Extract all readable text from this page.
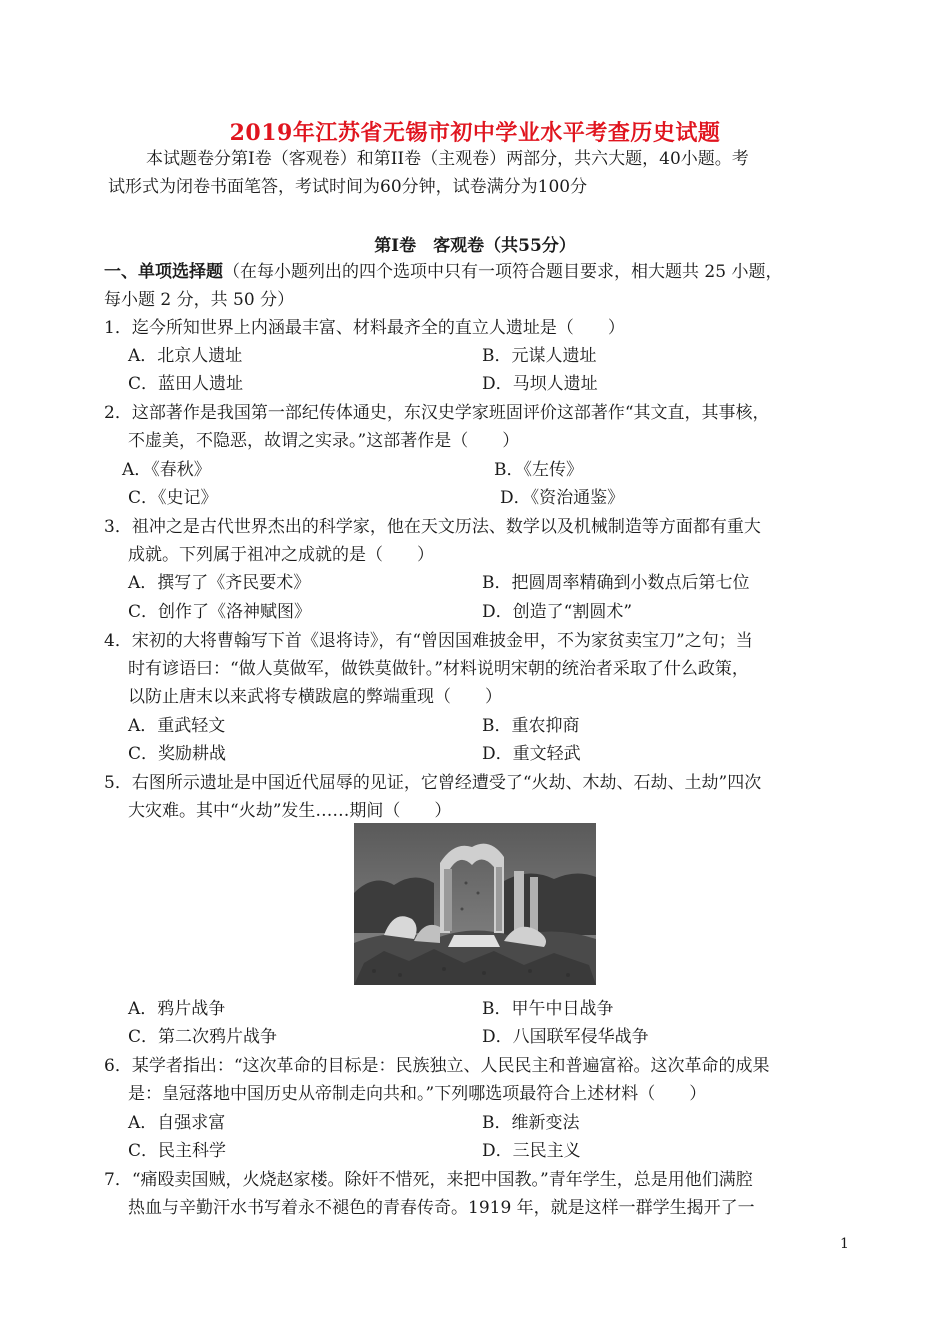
2019年江苏省无锡市初中学业水平考查历史试题
本试题卷分第I卷（客观卷）和第II卷（主观卷）两部分，共六大题，40小题。考
试形式为闭卷书面笔答，考试时间为60分钟，试卷满分为100分
第I卷　客观卷（共55分）
一、单项选择题（在每小题列出的四个选项中只有一项符合题目要求，相大题共 25 小题，
每小题 2 分，共 50 分）
1．迄今所知世界上内涵最丰富、材料最齐全的直立人遗址是（　　）
A．北京人遗址	B．元谋人遗址
C．蓝田人遗址	D．马坝人遗址
2．这部著作是我国第一部纪传体通史，东汉史学家班固评价这部著作“其文直，其事核，
不虚美，不隐恶，故谓之实录。”这部著作是（　　）
A．《春秋》	B．《左传》
C．《史记》	D．《资治通鉴》
3．祖冲之是古代世界杰出的科学家，他在天文历法、数学以及机械制造等方面都有重大
成就。下列属于祖冲之成就的是（　　）
A．撰写了《齐民要术》	B．把圆周率精确到小数点后第七位
C．创作了《洛神赋图》	D．创造了“割圆术”
4．宋初的大将曹翰写下首《退将诗》，有“曾因国难披金甲，不为家贫卖宝刀”之句；当
时有谚语曰：“做人莫做军，做铁莫做针。”材料说明宋朝的统治者采取了什么政策，
以防止唐末以来武将专横跋扈的弊端重现（　　）
A．重武轻文	B．重农抑商
C．奖励耕战	D．重文轻武
5．右图所示遗址是中国近代屈辱的见证，它曾经遭受了“火劫、木劫、石劫、土劫”四次
大灾难。其中“火劫”发生……期间（　　）
A．鸦片战争	B．甲午中日战争
C．第二次鸦片战争	D．八国联军侵华战争
6．某学者指出：“这次革命的目标是：民族独立、人民民主和普遍富裕。这次革命的成果
是：皇冠落地中国历史从帝制走向共和。”下列哪选项最符合上述材料（　　）
A．自强求富	B．维新变法
C．民主科学	D．三民主义
7．“痛殴卖国贼，火烧赵家楼。除奸不惜死，来把中国教。”青年学生，总是用他们满腔
热血与辛勤汗水书写着永不褪色的青春传奇。1919 年，就是这样一群学生揭开了一
1
